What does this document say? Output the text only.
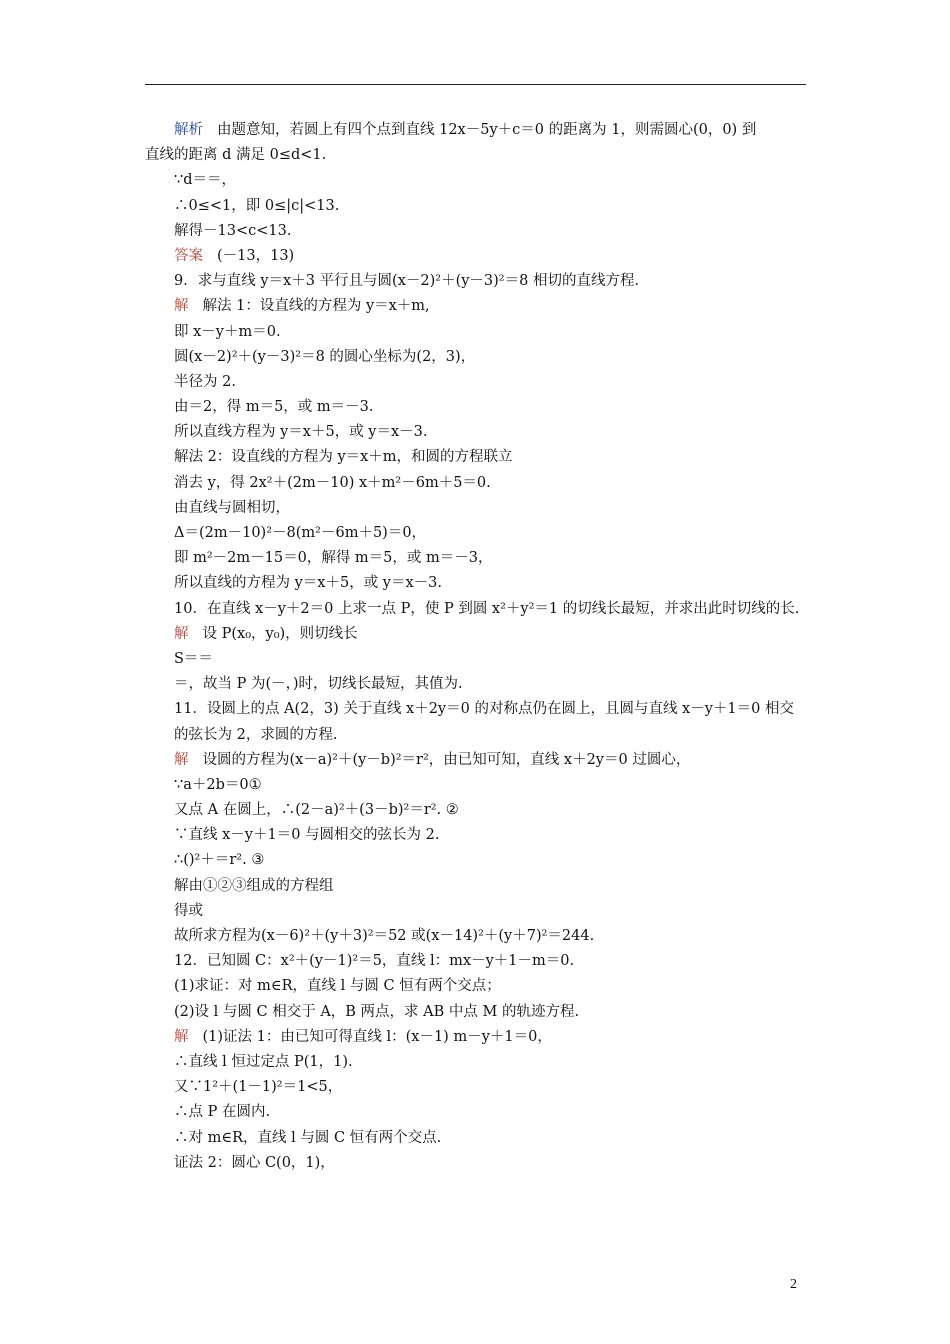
解析 由题意知，若圆上有四个点到直线 12x－5y＋c＝0 的距离为 1，则需圆心(0，0) 到
直线的距离 d 满足 0≤d<1.
∵d＝＝，
∴0≤<1，即 0≤|c|<13.
解得－13<c<13.
答案 (－13，13)
9．求与直线 y＝x＋3 平行且与圆(x－2)²＋(y－3)²＝8 相切的直线方程.
解 解法 1：设直线的方程为 y＝x＋m,
即 x－y＋m＝0.
圆(x－2)²＋(y－3)²＝8 的圆心坐标为(2，3)，
半径为 2.
由＝2，得 m＝5，或 m＝－3.
所以直线方程为 y＝x＋5，或 y＝x－3.
解法 2：设直线的方程为 y＝x＋m，和圆的方程联立
消去 y，得 2x²＋(2m－10) x＋m²－6m＋5＝0.
由直线与圆相切，
Δ＝(2m－10)²－8(m²－6m＋5)＝0，
即 m²－2m－15＝0，解得 m＝5，或 m＝－3，
所以直线的方程为 y＝x＋5，或 y＝x－3.
10．在直线 x－y＋2＝0 上求一点 P，使 P 到圆 x²＋y²＝1 的切线长最短，并求出此时切线的长.
解 设 P(x₀，y₀)，则切线长
S＝＝
＝，故当 P 为(－，)时，切线长最短，其值为.
11．设圆上的点 A(2，3) 关于直线 x＋2y＝0 的对称点仍在圆上，且圆与直线 x－y＋1＝0 相交的弦长为 2，求圆的方程.
解 设圆的方程为(x－a)²＋(y－b)²＝r²，由已知可知，直线 x＋2y＝0 过圆心，
∵a＋2b＝0①
又点 A 在圆上，∴(2－a)²＋(3－b)²＝r². ②
∵直线 x－y＋1＝0 与圆相交的弦长为 2.
∴()²＋＝r². ③
解由①②③组成的方程组
得或
故所求方程为(x－6)²＋(y＋3)²＝52 或(x－14)²＋(y＋7)²＝244.
12．已知圆 C：x²＋(y－1)²＝5，直线 l：mx－y＋1－m＝0.
(1)求证：对 m∈R，直线 l 与圆 C 恒有两个交点；
(2)设 l 与圆 C 相交于 A，B 两点，求 AB 中点 M 的轨迹方程.
解 (1)证法 1：由已知可得直线 l：(x－1) m－y＋1＝0，
∴直线 l 恒过定点 P(1，1).
又∵1²＋(1－1)²＝1<5，
∴点 P 在圆内.
∴对 m∈R，直线 l 与圆 C 恒有两个交点.
证法 2：圆心 C(0，1)，
2
